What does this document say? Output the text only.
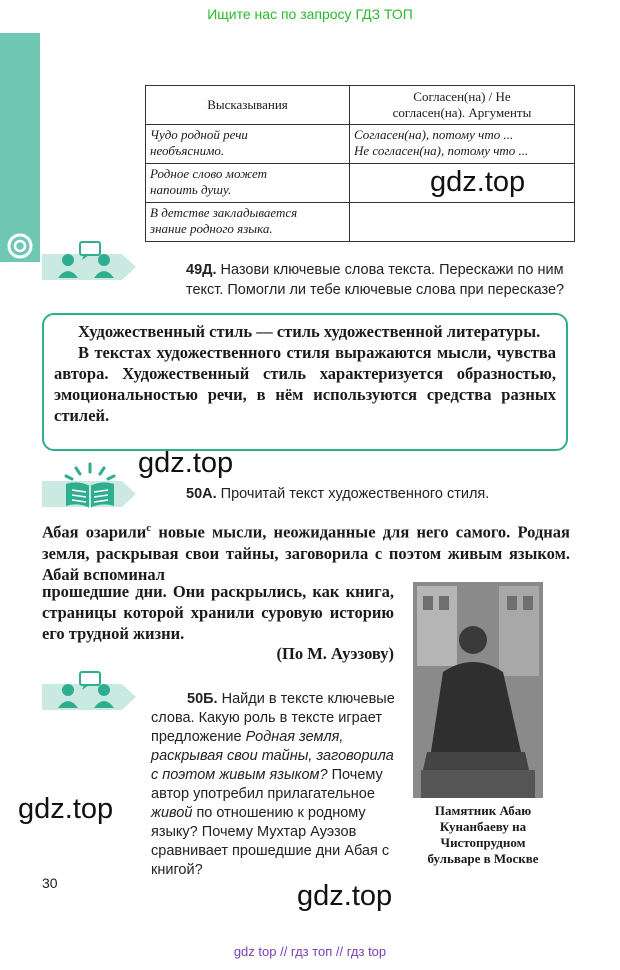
Ищите нас по запросу ГДЗ ТОП
Высказывания	Согласен(на) / Не
согласен(на). Аргументы
Чудо родной речи
необъяснимо.	Согласен(на), потому что ...
Не согласен(на), потому что ...
Родное слово может
напоить душу.	
В детстве закладывается
знание родного языка.	
gdz.top
49Д. Назови ключевые слова текста. Перескажи по ним текст. Помогли ли тебе ключевые слова при пересказе?

Художественный стиль — стиль художественной литературы.

В текстах художественного стиля выражаются мысли, чувства автора. Художественный стиль характеризуется образностью, эмоциональностью речи, в нём используются средства разных стилей.

gdz.top
50А. Прочитай текст художественного стиля.
Абая озарили$^с$ новые мысли, неожиданные для него самого. Родная земля, раскрывая свои тайны, заговорила с поэтом живым языком. Абай вспоминал
прошедшие дни. Они раскрылись, как книга, страницы которой хранили суровую историю его трудной жизни.
(По М. Ауэзову)
Памятник Абаю Кунанбаеву на Чистопрудном бульваре в Москве
50Б. Найди в тексте ключевые слова. Какую роль в тексте играет предложение Родная земля, раскрывая свои тайны, заговорила с поэтом живым языком? Почему автор употребил прилагательное живой по отношению к родному языку? Почему Мухтар Ауэзов сравнивает прошедшие дни Абая с книгой?
gdz.top
30	gdz.top
gdz top // гдз топ // гдз top
